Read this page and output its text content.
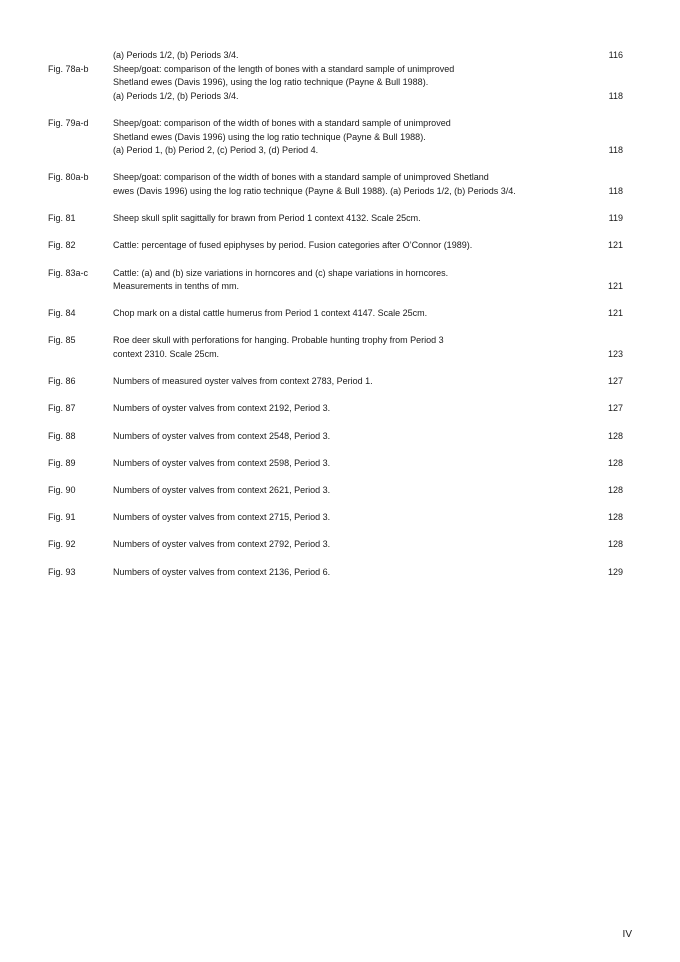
(a) Periods 1/2, (b) Periods 3/4.	116
Fig. 78a-b	Sheep/goat: comparison of the length of bones with a standard sample of unimproved
Shetland ewes (Davis 1996), using the log ratio technique (Payne & Bull 1988).
(a) Periods 1/2, (b) Periods 3/4.	118
Fig. 79a-d	Sheep/goat: comparison of the width of bones with a standard sample of unimproved
Shetland ewes (Davis 1996) using the log ratio technique (Payne & Bull 1988).
(a) Period 1, (b) Period 2, (c) Period 3, (d) Period 4.	118
Fig. 80a-b	Sheep/goat: comparison of the width of bones with a standard sample of unimproved Shetland
ewes (Davis 1996) using the log ratio technique (Payne & Bull 1988). (a) Periods 1/2, (b) Periods 3/4.	118
Fig. 81	Sheep skull split sagittally for brawn from Period 1 context 4132. Scale 25cm.	119
Fig. 82	Cattle: percentage of fused epiphyses by period. Fusion categories after O’Connor (1989).	121
Fig. 83a-c	Cattle: (a) and (b) size variations in horncores and (c) shape variations in horncores.
Measurements in tenths of mm.	121
Fig. 84	Chop mark on a distal cattle humerus from Period 1 context 4147. Scale 25cm.	121
Fig. 85	Roe deer skull with perforations for hanging. Probable hunting trophy from Period 3
context 2310. Scale 25cm.	123
Fig. 86	Numbers of measured oyster valves from context 2783, Period 1.	127
Fig. 87	Numbers of oyster valves from context 2192, Period 3.	127
Fig. 88	Numbers of oyster valves from context 2548, Period 3.	128
Fig. 89	Numbers of oyster valves from context 2598, Period 3.	128
Fig. 90	Numbers of oyster valves from context 2621, Period 3.	128
Fig. 91	Numbers of oyster valves from context 2715, Period 3.	128
Fig. 92	Numbers of oyster valves from context 2792, Period 3.	128
Fig. 93	Numbers of oyster valves from context 2136, Period 6.	129
IV
